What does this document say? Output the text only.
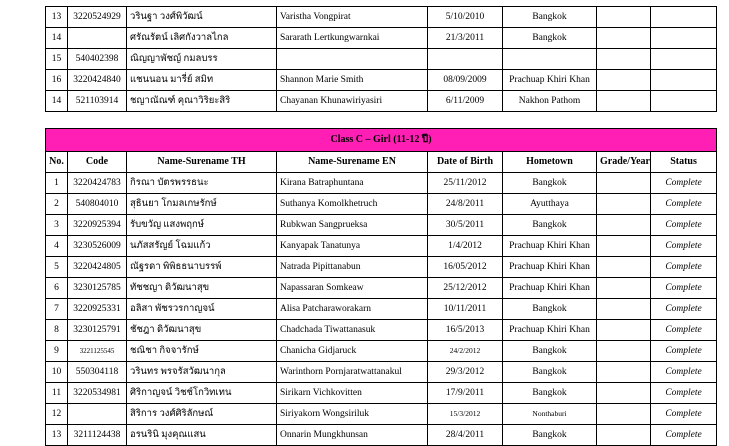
13	3220524929	วรินฐา วงศ์พิวัฒน์	Varistha Vongpirat	5/10/2010	Bangkok		
14		ศรัณรัตน์ เลิศกังวาลไกล	Sararath Lertkungwarnkai	21/3/2011	Bangkok		
15	540402398	ณิญญาพัชญ์ กมลบรร					
16	3220424840	แชนนอน มารี่ย์ สมิท	Shannon Marie Smith	08/09/2009	Prachuap Khiri Khan		
14	521103914	ชญาณัณฑ์ คุณาวิริยะสิริ	Chayanan Khunawiriyasiri	6/11/2009	Nakhon Pathom		
Class C – Girl (11-12 ปี)							
No.	Code	Name-Surename TH	Name-Surename EN	Date of Birth	Hometown	Grade/Year	Status
1	3220424783	กิรณา บัตรพรรธนะ	Kirana Batraphuntana	25/11/2012	Bangkok		Complete
2	540804010	สุธินยา โกมลเกษรักษ์	Suthanya Komolkhetruch	24/8/2011	Ayutthaya		Complete
3	3220925394	รับขวัญ แสงพฤกษ์	Rubkwan Sangprueksa	30/5/2011	Bangkok		Complete
4	3230526009	นภัสสรัญย์ โฉมแก้ว	Kanyapak Tanatunya	1/4/2012	Prachuap Khiri Khan		Complete
5	3220424805	ณัฐรดา พิพิธธนาบรรพ์	Natrada Pipittanabun	16/05/2012	Prachuap Khiri Khan		Complete
6	3230125785	ทัชชญา ดิวัฒนาสุข	Napassaran Somkeaw	25/12/2012	Prachuap Khiri Khan		Complete
7	3220925331	อลิสา พัชรวรกาญจน์	Alisa Patcharaworakarn	10/11/2011	Bangkok		Complete
8	3230125791	ชัชฎา ดิวัฒนาสุข	Chadchada Tiwattanasuk	16/5/2013	Prachuap Khiri Khan		Complete
9	3221125545	ชณิชา กิจจารักษ์	Chanicha Gidjaruck	24/2/2012	Bangkok		Complete
10	550304118	วรินทร พรจรัสวัฒนากุล	Warinthorn Pornjaratwattanakul	29/3/2012	Bangkok		Complete
11	3220534981	ศิริกาญจน์ วิชช์โกวิทเทน	Sirikarn Vichkovitten	17/9/2011	Bangkok		Complete
12		สิริการ วงศ์ศิริลักษณ์	Siriyakorn Wongsiriluk	15/3/2012	Nonthaburi		Complete
13	3211124438	อรนรินิ มุงคุณแสน	Onnarin Mungkhunsan	28/4/2011	Bangkok		Complete
